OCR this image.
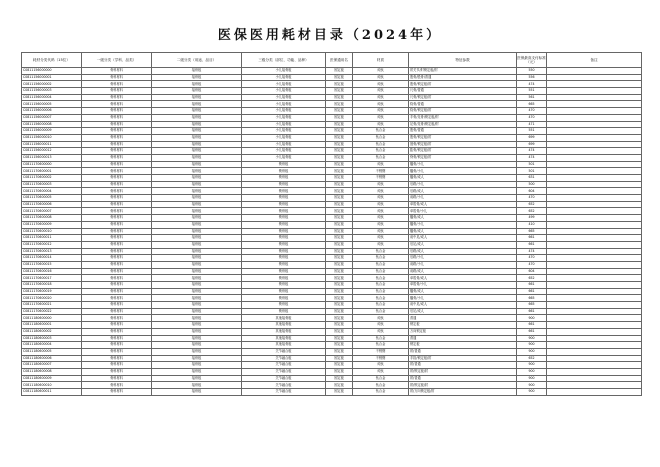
医保医用耗材目录（2024年）
耗材分类代码（15位）	一级分类（学科、品类）	二级分类（用途、品目）	三级分类（部位、功能、品种）	医保通用名	材质	特征参数	医保最高支付标准（元）	备注
C0811156000000	骨科材料	接骨板	小儿接骨板	固定板	纯钛	肘关节/肘锁定板/肘	550	
C0811156000001	骨科材料	接骨板	小儿接骨板	固定板	纯钛	股骨/股骨/普通	556	
C0811156000002	骨科材料	接骨板	小儿接骨板	固定板	纯钛	股骨/锁定板/肘	474	
C0811156000003	骨科材料	接骨板	小儿接骨板	固定板	纯钛	尺骨/普通	551	
C0811156000004	骨科材料	接骨板	小儿接骨板	固定板	纯钛	尺骨/锁定板/肘	561	
C0811156000005	骨科材料	接骨板	小儿接骨板	固定板	纯钛	桡骨/普通	665	
C0811156000006	骨科材料	接骨板	小儿接骨板	固定板	纯钛	桡骨/锁定板/肘	470	
C0811156000007	骨科材料	接骨板	小儿接骨板	固定板	纯钛	手骨/足骨/锁定板/肘	470	
C0811156000008	骨科材料	接骨板	小儿接骨板	固定板	纯钛	足骨/足骨/锁定板/肘	471	
C0811156000009	骨科材料	接骨板	小儿接骨板	固定板	钛合金	股骨/普通	551	
C0811156000010	骨科材料	接骨板	小儿接骨板	固定板	钛合金	股骨/锁定板/肘	699	
C0811156000011	骨科材料	接骨板	小儿接骨板	固定板	钛合金	胫骨/锁定板/肘	699	
C0811156000012	骨科材料	接骨板	小儿接骨板	固定板	钛合金	肱骨/锁定板/肘	474	
C0811156000013	骨科材料	接骨板	小儿接骨板	固定板	钛合金	脊骨/锁定板/肘	474	
C0811170600000	骨科材料	接骨板	锁骨板	固定板	纯钛	髓骨/小儿	501	
C0811170600001	骨科材料	接骨板	锁骨板	固定板	不锈钢	髓骨/小儿	501	
C0811170600002	骨科材料	接骨板	锁骨板	固定板	不锈钢	髓骨/成人	631	
C0811170600003	骨科材料	接骨板	锁骨板	固定板	纯钛	后路/小儿	500	
C0811170600004	骨科材料	接骨板	锁骨板	固定板	纯钛	后路/成人	604	
C0811170600005	骨科材料	接骨板	锁骨板	固定板	纯钛	前路/小儿	470	
C0811170600006	骨科材料	接骨板	锁骨板	固定板	纯钛	单腔骨/成人	652	
C0811170600007	骨科材料	接骨板	锁骨板	固定板	纯钛	单腔骨/小儿	652	
C0811170600008	骨科材料	接骨板	锁骨板	固定板	纯钛	髓骨/成人	499	
C0811170600009	骨科材料	接骨板	锁骨板	固定板	纯钛	髓骨/小儿	410	
C0811170600010	骨科材料	接骨板	锁骨板	固定板	纯钛	髓骨/成人	665	
C0811170600011	骨科材料	接骨板	锁骨板	固定板	纯钛	前中足/成人	661	
C0811170600012	骨科材料	接骨板	锁骨板	固定板	纯钛	后足/成人	661	
C0811170600013	骨科材料	接骨板	锁骨板	固定板	钛合金	后路/成人	474	
C0811170600014	骨科材料	接骨板	锁骨板	固定板	钛合金	后路/小儿	470	
C0811170600015	骨科材料	接骨板	锁骨板	固定板	钛合金	前路/小儿	470	
C0811170600016	骨科材料	接骨板	锁骨板	固定板	钛合金	前路/成人	604	
C0811170600017	骨科材料	接骨板	锁骨板	固定板	钛合金	单腔骨/成人	652	
C0811170600018	骨科材料	接骨板	锁骨板	固定板	钛合金	单腔骨/小儿	661	
C0811170600019	骨科材料	接骨板	锁骨板	固定板	钛合金	髓骨/成人	661	
C0811170600020	骨科材料	接骨板	锁骨板	固定板	钛合金	髓骨/小儿	665	
C0811170600021	骨科材料	接骨板	锁骨板	固定板	钛合金	前中足/成人	665	
C0811170600022	骨科材料	接骨板	锁骨板	固定板	钛合金	后足/成人	661	
C0811180600000	骨科材料	接骨板	其他接骨板	固定板	纯钛	普通	900	
C0811180600001	骨科材料	接骨板	其他接骨板	固定板	纯钛	锁定板	661	
C0811180600002	骨科材料	接骨板	其他接骨板	固定板	纯钛	万向锁定板	661	
C0811180600003	骨科材料	接骨板	其他接骨板	固定板	钛合金	普通	900	
C0811180600004	骨科材料	接骨板	其他接骨板	固定板	钛合金	锁定板	900	
C0811180600005	骨科材料	接骨板	关节融合板	固定板	不锈钢	肘/普通	900	
C0811180600006	骨科材料	接骨板	关节融合板	固定板	不锈钢	手指/锁定板/肘	652	
C0811180600007	骨科材料	接骨板	关节融合板	固定板	纯钛	肘/普通	900	
C0811180600008	骨科材料	接骨板	关节融合板	固定板	纯钛	肘/锁定板/肘	900	
C0811180600009	骨科材料	接骨板	关节融合板	固定板	钛合金	肘/普通	900	
C0811180600010	骨科材料	接骨板	关节融合板	固定板	钛合金	肘/锁定板/肘	900	
C0811180600011	骨科材料	接骨板	关节融合板	固定板	钛合金	肘/万向锁定板/肘	900	
